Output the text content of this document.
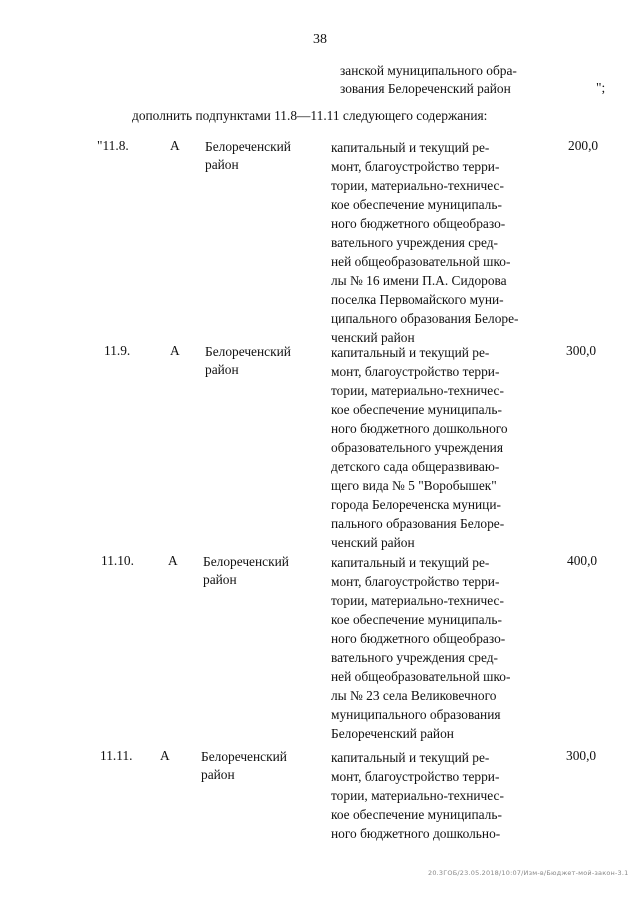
38
занской муниципального обра-
зования Белореченский район	";
дополнить подпунктами 11.8—11.11 следующего содержания:
"11.8.	А Белореченский район
капитальный и текущий ре-
монт, благоустройство терри-
тории, материально-техничес-
кое обеспечение муниципаль-
ного бюджетного общеобразо-
вательного учреждения сред-
ней общеобразовательной шко-
лы № 16 имени П.А. Сидорова
поселка Первомайского муни-
ципального образования Белоре-
ченский район
200,0
11.9.	А Белореченский район
капитальный и текущий ре-
монт, благоустройство терри-
тории, материально-техничес-
кое обеспечение муниципаль-
ного бюджетного дошкольного
образовательного учреждения
детского сада общеразвиваю-
щего вида № 5 "Воробышек"
города Белореченска муници-
пального образования Белоре-
ченский район
300,0
11.10.	А Белореченский район
капитальный и текущий ре-
монт, благоустройство терри-
тории, материально-техничес-
кое обеспечение муниципаль-
ного бюджетного общеобразо-
вательного учреждения сред-
ней общеобразовательной шко-
лы № 23 села Великовечного
муниципального образования
Белореченский район
400,0
11.11. А Белореченский район
капитальный и текущий ре-
монт, благоустройство терри-
тории, материально-техничес-
кое обеспечение муниципаль-
ного бюджетного дошкольно-
300,0
20.3ГОБ/23.05.2018/10:07/Изм-в/Бюджет-мой-закон-3.1
